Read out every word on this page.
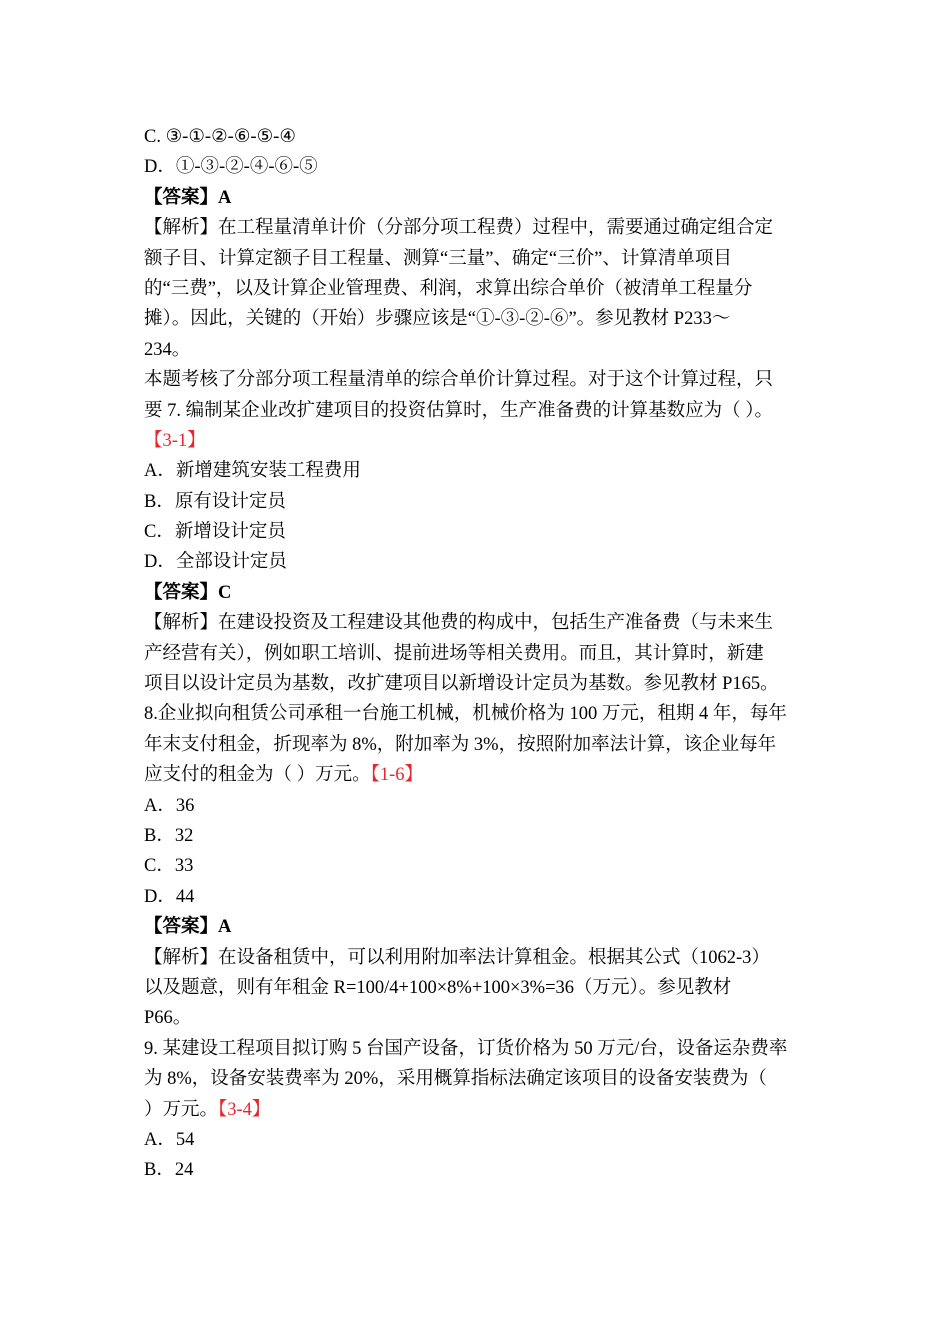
C. ③-①-②-⑥-⑤-④
D．①-③-②-④-⑥-⑤
【答案】A
【解析】在工程量清单计价（分部分项工程费）过程中，需要通过确定组合定
额子目、计算定额子目工程量、测算“三量”、确定“三价”、计算清单项目
的“三费”，以及计算企业管理费、利润，求算出综合单价（被清单工程量分
摊）。因此，关键的（开始）步骤应该是“①-③-②-⑥”。参见教材 P233～
234。
本题考核了分部分项工程量清单的综合单价计算过程。对于这个计算过程，只
要 7. 编制某企业改扩建项目的投资估算时，生产准备费的计算基数应为（ ）。
【3-1】
A．新增建筑安装工程费用
B．原有设计定员
C．新增设计定员
D．全部设计定员
【答案】C
【解析】在建设投资及工程建设其他费的构成中，包括生产准备费（与未来生
产经营有关），例如职工培训、提前进场等相关费用。而且，其计算时，新建
项目以设计定员为基数，改扩建项目以新增设计定员为基数。参见教材 P165。
8.企业拟向租赁公司承租一台施工机械，机械价格为 100 万元，租期 4 年，每年
年末支付租金，折现率为 8%，附加率为 3%，按照附加率法计算，该企业每年
应支付的租金为（ ）万元。【1-6】
A．36
B．32
C．33
D．44
【答案】A
【解析】在设备租赁中，可以利用附加率法计算租金。根据其公式（1062-3）
以及题意，则有年租金 R=100/4+100×8%+100×3%=36（万元）。参见教材
P66。
9. 某建设工程项目拟订购 5 台国产设备，订货价格为 50 万元/台，设备运杂费率
为 8%，设备安装费率为 20%，采用概算指标法确定该项目的设备安装费为（
）万元。【3-4】
A．54
B．24
